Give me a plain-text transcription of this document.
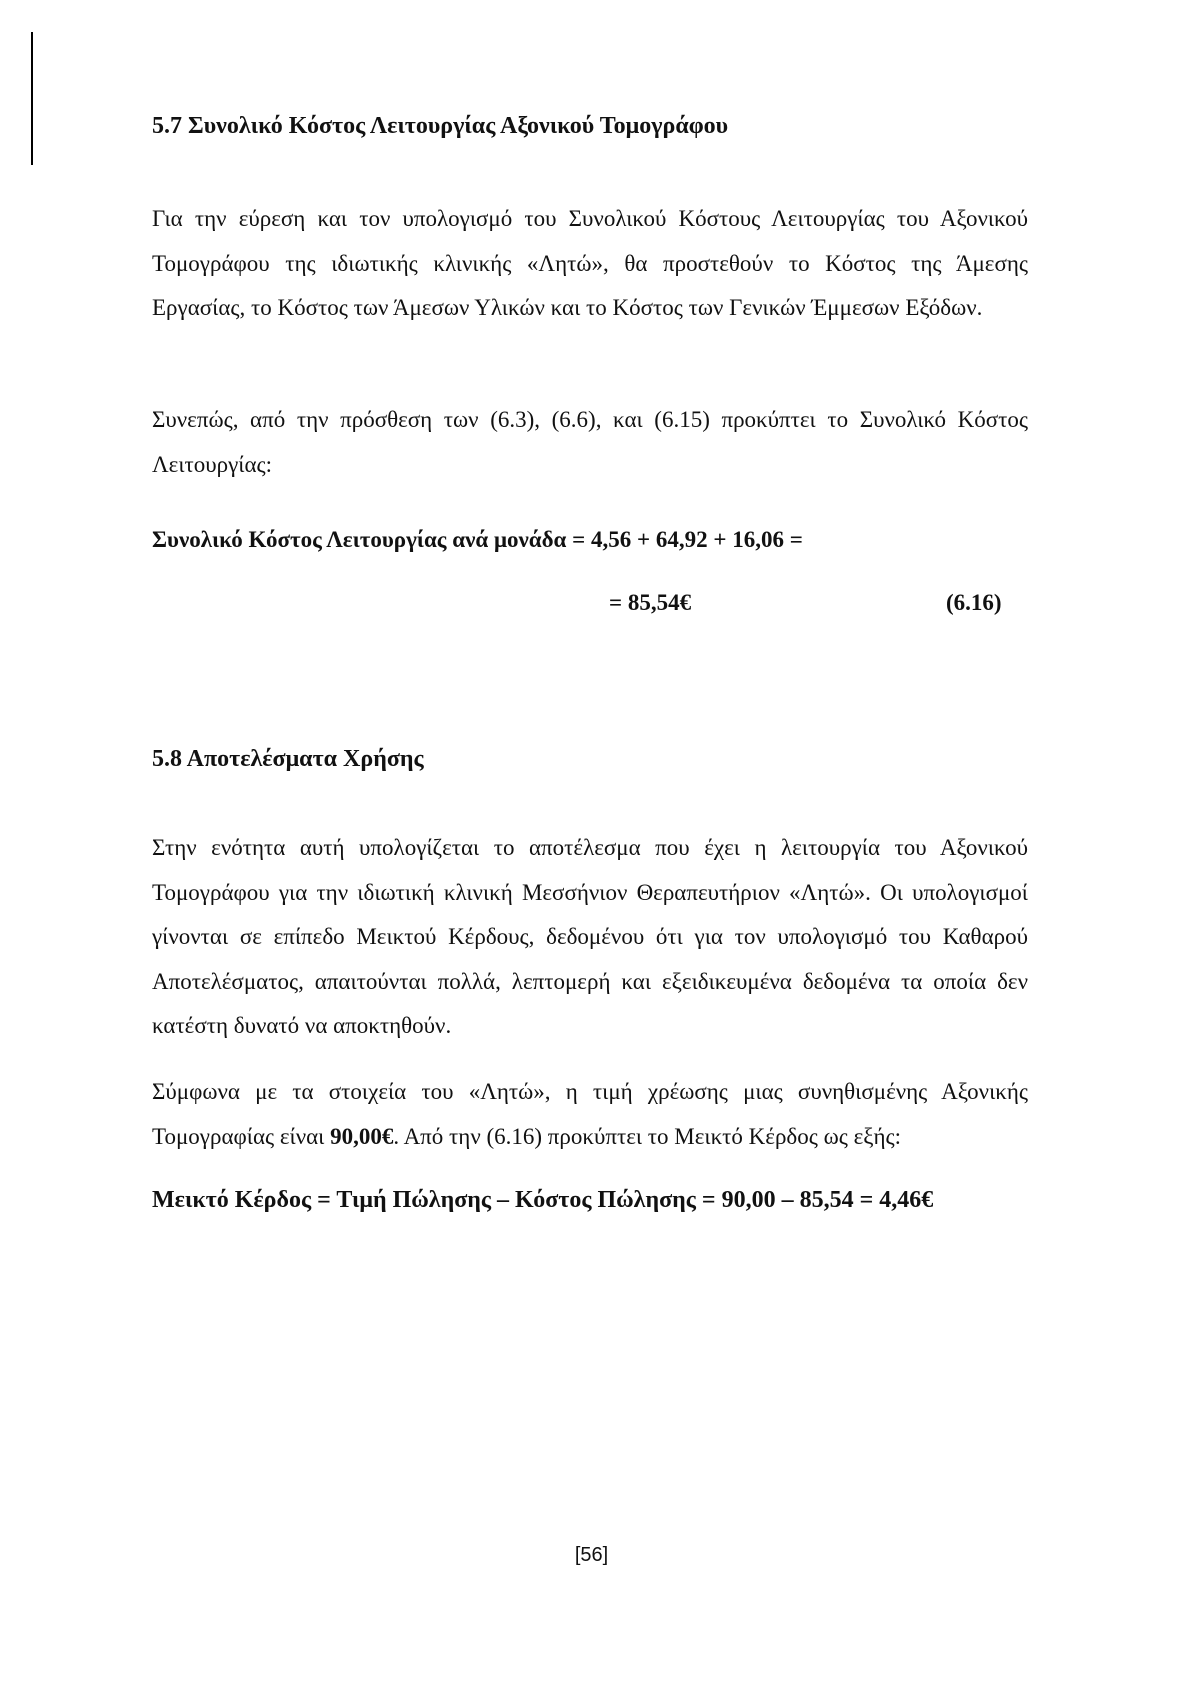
5.7 Συνολικό Κόστος Λειτουργίας Αξονικού Τομογράφου

Για την εύρεση και τον υπολογισμό του Συνολικού Κόστους Λειτουργίας του Αξονικού Τομογράφου της ιδιωτικής κλινικής «Λητώ», θα προστεθούν το Κόστος της Άμεσης Εργασίας, το Κόστος των Άμεσων Υλικών και το Κόστος των Γενικών Έμμεσων Εξόδων.

Συνεπώς, από την πρόσθεση των (6.3), (6.6), και (6.15) προκύπτει το Συνολικό Κόστος Λειτουργίας:

Συνολικό Κόστος Λειτουργίας ανά μονάδα = 4,56 + 64,92 + 16,06 =

= 85,54€	(6.16)

5.8 Αποτελέσματα Χρήσης

Στην ενότητα αυτή υπολογίζεται το αποτέλεσμα που έχει η λειτουργία του Αξονικού Τομογράφου για την ιδιωτική κλινική Μεσσήνιον Θεραπευτήριον «Λητώ». Οι υπολογισμοί γίνονται σε επίπεδο Μεικτού Κέρδους, δεδομένου ότι για τον υπολογισμό του Καθαρού Αποτελέσματος, απαιτούνται πολλά, λεπτομερή και εξειδικευμένα δεδομένα τα οποία δεν κατέστη δυνατό να αποκτηθούν.

Σύμφωνα με τα στοιχεία του «Λητώ», η τιμή χρέωσης μιας συνηθισμένης Αξονικής Τομογραφίας είναι 90,00€. Από την (6.16) προκύπτει το Μεικτό Κέρδος ως εξής:

Μεικτό Κέρδος = Τιμή Πώλησης – Κόστος Πώλησης = 90,00 – 85,54 = 4,46€

[56]
